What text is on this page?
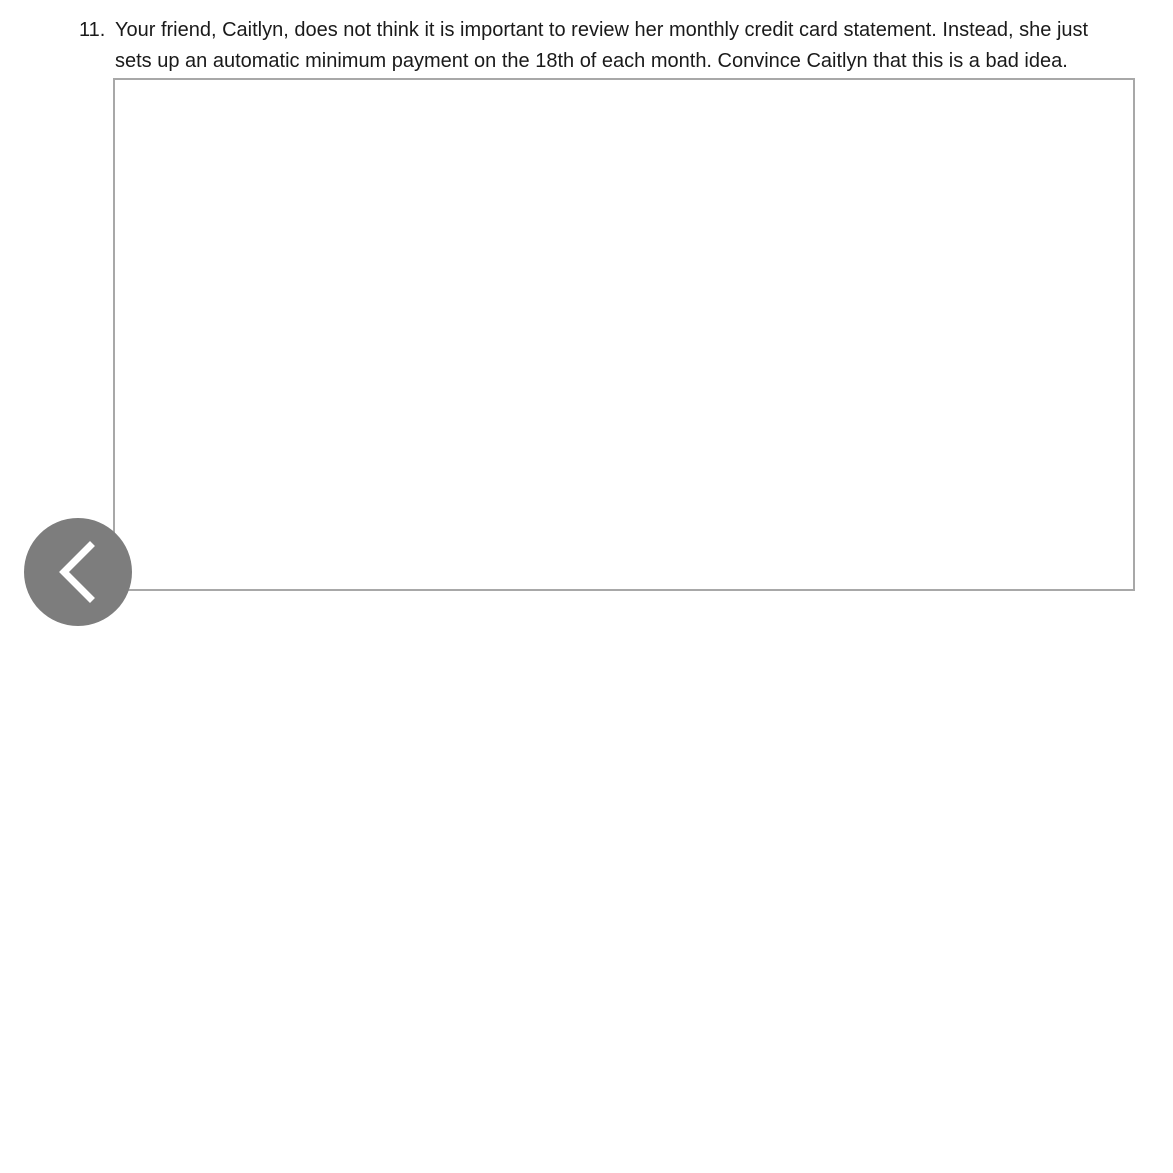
11. Your friend, Caitlyn, does not think it is important to review her monthly credit card statement. Instead, she just
sets up an automatic minimum payment on the 18th of each month. Convince Caitlyn that this is a bad idea.
